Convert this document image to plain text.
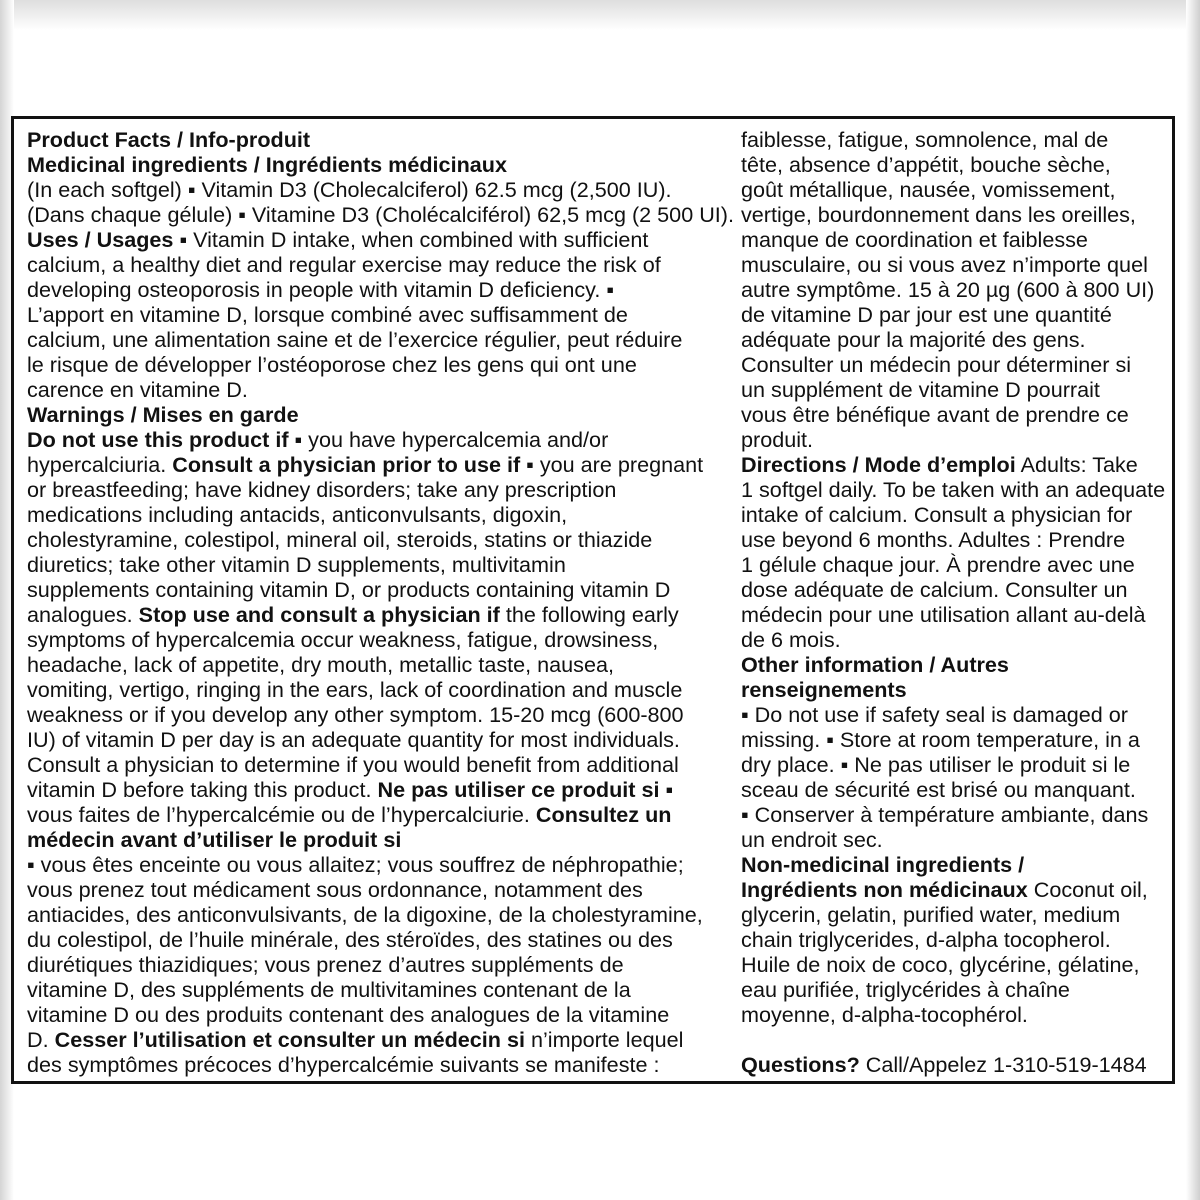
Product Facts / Info-produit
Medicinal ingredients / Ingrédients médicinaux
(In each softgel) ▪ Vitamin D3 (Cholecalciferol) 62.5 mcg (2,500 IU).
(Dans chaque gélule) ▪ Vitamine D3 (Cholécalciférol) 62,5 mcg (2 500 UI).
Uses / Usages ▪ Vitamin D intake, when combined with sufficient
calcium, a healthy diet and regular exercise may reduce the risk of
developing osteoporosis in people with vitamin D deficiency. ▪
L’apport en vitamine D, lorsque combiné avec suffisamment de
calcium, une alimentation saine et de l’exercice régulier, peut réduire
le risque de développer l’ostéoporose chez les gens qui ont une
carence en vitamine D.
Warnings / Mises en garde
Do not use this product if ▪ you have hypercalcemia and/or
hypercalciuria. Consult a physician prior to use if ▪ you are pregnant
or breastfeeding; have kidney disorders; take any prescription
medications including antacids, anticonvulsants, digoxin,
cholestyramine, colestipol, mineral oil, steroids, statins or thiazide
diuretics; take other vitamin D supplements, multivitamin
supplements containing vitamin D, or products containing vitamin D
analogues. Stop use and consult a physician if the following early
symptoms of hypercalcemia occur weakness, fatigue, drowsiness,
headache, lack of appetite, dry mouth, metallic taste, nausea,
vomiting, vertigo, ringing in the ears, lack of coordination and muscle
weakness or if you develop any other symptom. 15-20 mcg (600-800
IU) of vitamin D per day is an adequate quantity for most individuals.
Consult a physician to determine if you would benefit from additional
vitamin D before taking this product. Ne pas utiliser ce produit si ▪
vous faites de l’hypercalcémie ou de l’hypercalciurie. Consultez un
médecin avant d’utiliser le produit si
▪ vous êtes enceinte ou vous allaitez; vous souffrez de néphropathie;
vous prenez tout médicament sous ordonnance, notamment des
antiacides, des anticonvulsivants, de la digoxine, de la cholestyramine,
du colestipol, de l’huile minérale, des stéroïdes, des statines ou des
diurétiques thiazidiques; vous prenez d’autres suppléments de
vitamine D, des suppléments de multivitamines contenant de la
vitamine D ou des produits contenant des analogues de la vitamine
D. Cesser l’utilisation et consulter un médecin si n’importe lequel
des symptômes précoces d’hypercalcémie suivants se manifeste :
faiblesse, fatigue, somnolence, mal de
tête, absence d’appétit, bouche sèche,
goût métallique, nausée, vomissement,
vertige, bourdonnement dans les oreilles,
manque de coordination et faiblesse
musculaire, ou si vous avez n’importe quel
autre symptôme. 15 à 20 µg (600 à 800 UI)
de vitamine D par jour est une quantité
adéquate pour la majorité des gens.
Consulter un médecin pour déterminer si
un supplément de vitamine D pourrait
vous être bénéfique avant de prendre ce
produit.
Directions / Mode d’emploi Adults: Take
1 softgel daily. To be taken with an adequate
intake of calcium. Consult a physician for
use beyond 6 months. Adultes : Prendre
1 gélule chaque jour. À prendre avec une
dose adéquate de calcium. Consulter un
médecin pour une utilisation allant au-delà
de 6 mois.
Other information / Autres
renseignements
▪ Do not use if safety seal is damaged or
missing. ▪ Store at room temperature, in a
dry place. ▪ Ne pas utiliser le produit si le
sceau de sécurité est brisé ou manquant.
▪ Conserver à température ambiante, dans
un endroit sec.
Non-medicinal ingredients /
Ingrédients non médicinaux Coconut oil,
glycerin, gelatin, purified water, medium
chain triglycerides, d-alpha tocopherol.
Huile de noix de coco, glycérine, gélatine,
eau purifiée, triglycérides à chaîne
moyenne, d-alpha-tocophérol.

Questions? Call/Appelez 1-310-519-1484
